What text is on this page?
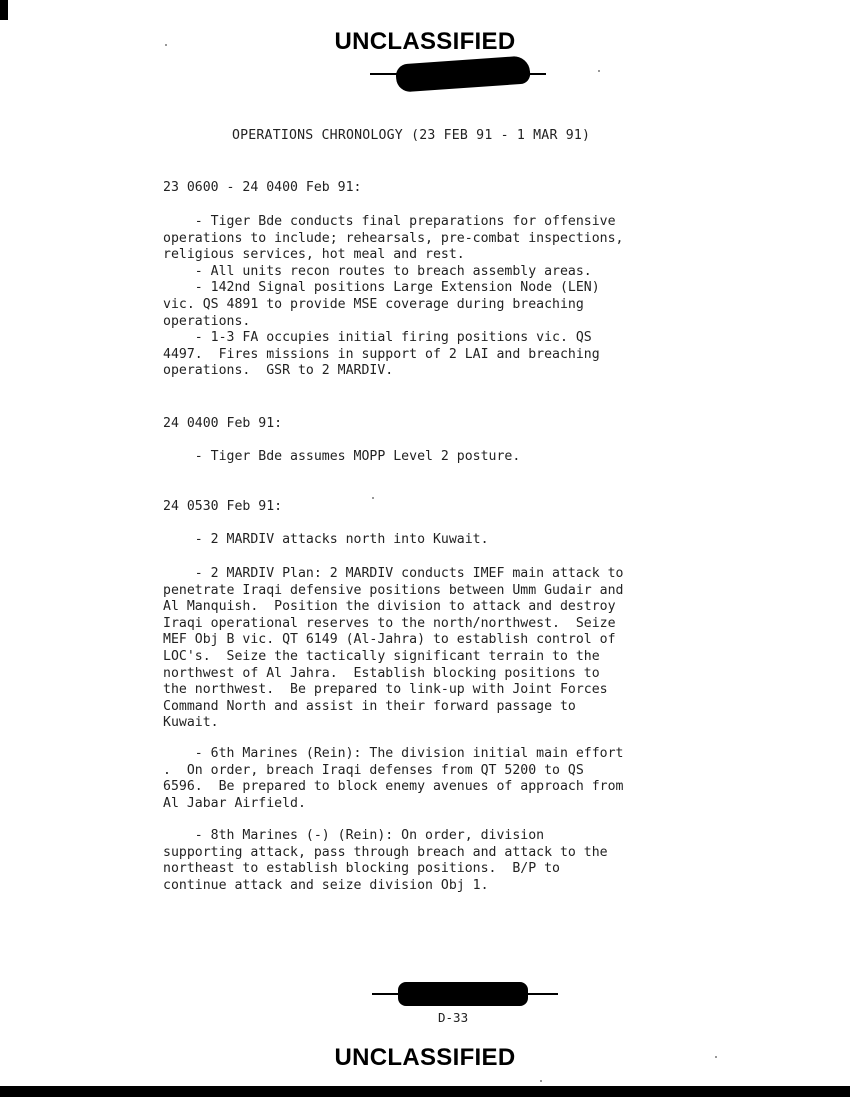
UNCLASSIFIED
OPERATIONS CHRONOLOGY (23 FEB 91 - 1 MAR 91)
23 0600 - 24 0400 Feb 91:
- Tiger Bde conducts final preparations for offensive
operations to include; rehearsals, pre-combat inspections,
religious services, hot meal and rest.
- All units recon routes to breach assembly areas.
- 142nd Signal positions Large Extension Node (LEN)
vic. QS 4891 to provide MSE coverage during breaching
operations.
- 1-3 FA occupies initial firing positions vic. QS
4497.  Fires missions in support of 2 LAI and breaching
operations.  GSR to 2 MARDIV.
24 0400 Feb 91:
- Tiger Bde assumes MOPP Level 2 posture.
24 0530 Feb 91:
- 2 MARDIV attacks north into Kuwait.
- 2 MARDIV Plan: 2 MARDIV conducts IMEF main attack to
penetrate Iraqi defensive positions between Umm Gudair and
Al Manquish.  Position the division to attack and destroy
Iraqi operational reserves to the north/northwest.  Seize
MEF Obj B vic. QT 6149 (Al-Jahra) to establish control of
LOC's.  Seize the tactically significant terrain to the
northwest of Al Jahra.  Establish blocking positions to
the northwest.  Be prepared to link-up with Joint Forces
Command North and assist in their forward passage to
Kuwait.
- 6th Marines (Rein): The division initial main effort
.  On order, breach Iraqi defenses from QT 5200 to QS
6596.  Be prepared to block enemy avenues of approach from
Al Jabar Airfield.
- 8th Marines (-) (Rein): On order, division
supporting attack, pass through breach and attack to the
northeast to establish blocking positions.  B/P to
continue attack and seize division Obj 1.
D-33
UNCLASSIFIED
